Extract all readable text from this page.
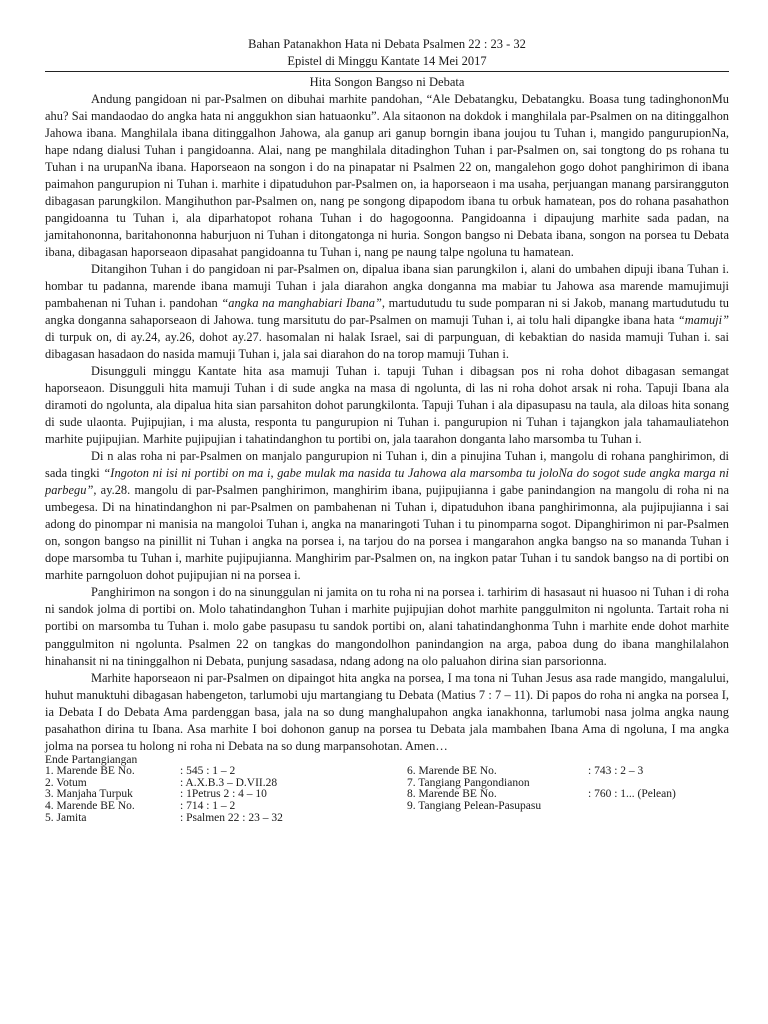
Bahan Patanakhon Hata ni Debata Psalmen 22 : 23 - 32
Epistel di Minggu Kantate 14 Mei 2017
Hita Songon Bangso ni Debata

Andung pangidoan ni par-Psalmen on dibuhai marhite pandohan, “Ale Debatangku, Debatangku. Boasa tung tadinghononMu ahu? Sai mandaodao do angka hata ni anggukhon sian hatuaonku”. Ala sitaonon na dokdok i manghilala par-Psalmen on na ditinggalhon Jahowa ibana. Manghilala ibana ditinggalhon Jahowa, ala ganup ari ganup borngin ibana joujou tu Tuhan i, mangido pangurupionNa, hape ndang dialusi Tuhan i pangidoanna. Alai, nang pe manghilala ditadinghon Tuhan i par-Psalmen on, sai tongtong do ps rohana tu Tuhan i na urupanNa ibana. Haporseaon na songon i do na pinapatar ni Psalmen 22 on, mangalehon gogo dohot panghirimon di ibana paimahon pangurupion ni Tuhan i. marhite i dipatuduhon par-Psalmen on, ia haporseaon i ma usaha, perjuangan manang parsirangguton dibagasan parungkilon. Mangihuthon par-Psalmen on, nang pe songong dipapodom ibana tu orbuk hamatean, pos do rohana pasahathon pangidoanna tu Tuhan i, ala diparhatopot rohana Tuhan i do hagogoonna. Pangidoanna i dipaujung marhite sada padan, na jamitahononna, baritahononna haburjuon ni Tuhan i ditongatonga ni huria. Songon bangso ni Debata ibana, songon na porsea tu Debata ibana, dibagasan haporseaon dipasahat pangidoanna tu Tuhan i, nang pe naung talpe ngoluna tu hamatean.

Ditangihon Tuhan i do pangidoan ni par-Psalmen on, dipalua ibana sian parungkilon i, alani do umbahen dipuji ibana Tuhan i. hombar tu padanna, marende ibana mamuji Tuhan i jala diarahon angka donganna ma mabiar tu Jahowa asa marende mamujimuji pambahenan ni Tuhan i. pandohan “angka na manghabiari Ibana”, martudutudu tu sude pomparan ni si Jakob, manang martudutudu tu angka donganna sahaporseaon di Jahowa. tung marsitutu do par-Psalmen on mamuji Tuhan i, ai tolu hali dipangke ibana hata “mamuji” di turpuk on, di ay.24, ay.26, dohot ay.27. hasomalan ni halak Israel, sai di parpunguan, di kebaktian do nasida mamuji Tuhan i. sai dibagasan hasadaon do nasida mamuji Tuhan i, jala sai diarahon do na torop mamuji Tuhan i.

Disungguli minggu Kantate hita asa mamuji Tuhan i. tapuji Tuhan i dibagsan pos ni roha dohot dibagasan semangat haporseaon. Disungguli hita mamuji Tuhan i di sude angka na masa di ngolunta, di las ni roha dohot arsak ni roha. Tapuji Ibana ala diramoti do ngolunta, ala dipalua hita sian parsahiton dohot parungkilonta. Tapuji Tuhan i ala dipasupasu na taula, ala diloas hita sonang di sude ulaonta. Pujipujian, i ma alusta, responta tu pangurupion ni Tuhan i. pangurupion ni Tuhan i tajangkon jala tahamauliatehon marhite pujipujian. Marhite pujipujian i tahatindanghon tu portibi on, jala taarahon donganta laho marsomba tu Tuhan i.

Di n alas roha ni par-Psalmen on manjalo pangurupion ni Tuhan i, din a pinujina Tuhan i, mangolu di rohana panghirimon, di sada tingki “Ingoton ni isi ni portibi on ma i, gabe mulak ma nasida tu Jahowa ala marsomba tu joloNa do sogot sude angka marga ni parbegu”, ay.28. mangolu di par-Psalmen panghirimon, manghirim ibana, pujipujianna i gabe panindangion na mangolu di roha ni na umbegesa. Di na hinatindanghon ni par-Psalmen on pambahenan ni Tuhan i, dipatuduhon ibana panghirimonna, ala pujipujianna i sai adong do pinompar ni manisia na mangoloi Tuhan i, angka na manaringoti Tuhan i tu pinomparna sogot. Dipanghirimon ni par-Psalmen on, songon bangso na pinillit ni Tuhan i angka na porsea i, na tarjou do na porsea i mangarahon angka bangso na so mananda Tuhan i dope marsomba tu Tuhan i, marhite pujipujianna. Manghirim par-Psalmen on, na ingkon patar Tuhan i tu sandok bangso na di portibi on marhite parngoluon dohot pujipujian ni na porsea i.

Panghirimon na songon i do na sinunggulan ni jamita on tu roha ni na porsea i. tarhirim di hasasaut ni huasoo ni Tuhan i di roha ni sandok jolma di portibi on. Molo tahatindanghon Tuhan i marhite pujipujian dohot marhite panggulmiton ni ngolunta. Tartait roha ni portibi on marsomba tu Tuhan i. molo gabe pasupasu tu sandok portibi on, alani tahatindanghonma Tuhn i marhite ende dohot marhite panggulmiton ni ngolunta. Psalmen 22 on tangkas do mangondolhon panindangion na arga, paboa dung do ibana manghilalahon hinahansit ni na tininggalhon ni Debata, punjung sasadasa, ndang adong na olo paluahon dirina sian parsorionna.

Marhite haporseaon ni par-Psalmen on dipaingot hita angka na porsea, I ma tona ni Tuhan Jesus asa rade mangido, mangalului, huhut manuktuhi dibagasan habengeton, tarlumobi uju martangiang tu Debata (Matius 7 : 7 – 11). Di papos do roha ni angka na porsea I, ia Debata I do Debata Ama pardenggan basa, jala na so dung manghalupahon angka ianakhonna, tarlumobi nasa jolma angka naung pasahathon dirina tu Ibana. Asa marhite I boi dohonon ganup na porsea tu Debata jala mambahen Ibana Ama di ngoluna, I ma angka jolma na porsea tu holong ni roha ni Debata na so dung marpansohotan. Amen…

Ende Partangiangan
1. Marende BE No.	: 545 : 1 – 2
2. Votum	: A.X.B.3 – D.VII.28
3. Manjaha Turpuk	: 1Petrus 2 : 4 – 10
4. Marende BE No.	: 714 : 1 – 2
5. Jamita	: Psalmen 22 : 23 – 32
6. Marende BE No.	: 743 : 2 – 3
7. Tangiang Pangondianon
8. Marende BE No.	: 760 : 1... (Pelean)
9. Tangiang Pelean-Pasupasu
